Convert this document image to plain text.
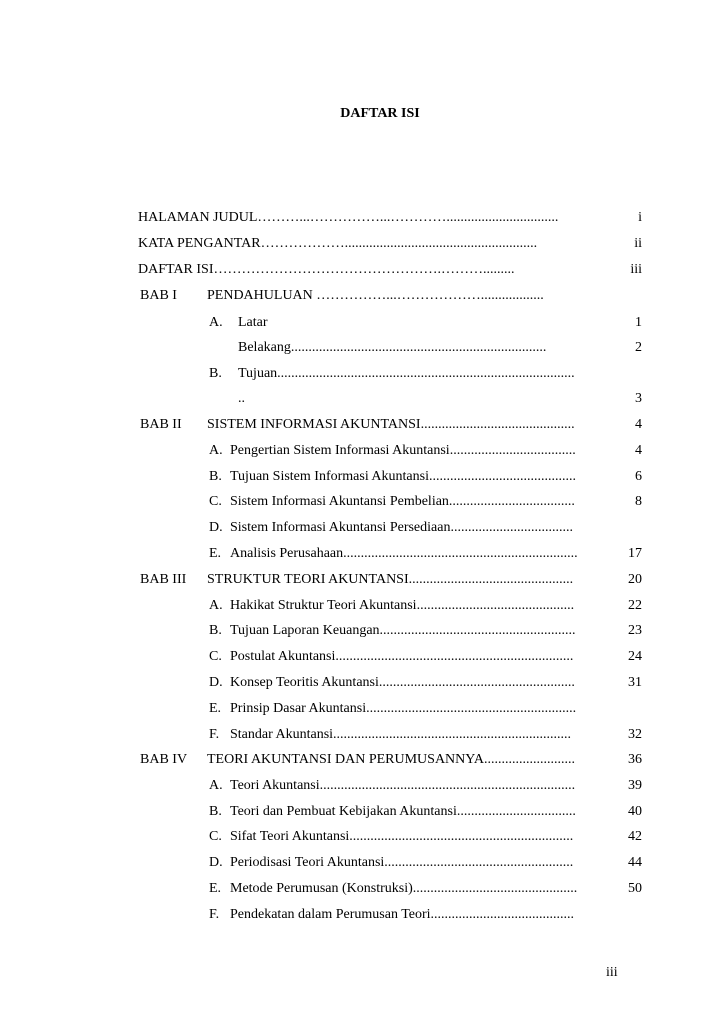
DAFTAR ISI
HALAMAN JUDUL………...……………...…………................................	i
KATA PENGANTAR……………….......................................................	ii
DAFTAR ISI………………………………………….……….........	iii
BAB I	PENDAHULUAN ……………...………………..................
A.	Latar	1
Belakang.........................................................................	2
B.	Tujuan.....................................................................................
..	3
BAB II	SISTEM INFORMASI AKUNTANSI............................................	4
A. Pengertian Sistem Informasi Akuntansi....................................	4
B. Tujuan Sistem Informasi Akuntansi..........................................	6
C. Sistem Informasi Akuntansi Pembelian....................................	8
D. Sistem Informasi Akuntansi Persediaan...................................
E. Analisis Perusahaan...................................................................	17
BAB III	STRUKTUR TEORI AKUNTANSI...............................................	20
A. Hakikat Struktur Teori Akuntansi.............................................	22
B. Tujuan Laporan Keuangan........................................................	23
C. Postulat Akuntansi....................................................................	24
D. Konsep Teoritis Akuntansi........................................................	31
E. Prinsip Dasar Akuntansi............................................................
F. Standar Akuntansi....................................................................	32
BAB IV	TEORI AKUNTANSI DAN PERUMUSANNYA..........................	36
A. Teori Akuntansi.........................................................................	39
B. Teori dan Pembuat Kebijakan Akuntansi..................................	40
C. Sifat Teori Akuntansi................................................................	42
D. Periodisasi Teori Akuntansi......................................................	44
E. Metode Perumusan (Konstruksi)...............................................	50
F. Pendekatan dalam Perumusan Teori.........................................
iii
